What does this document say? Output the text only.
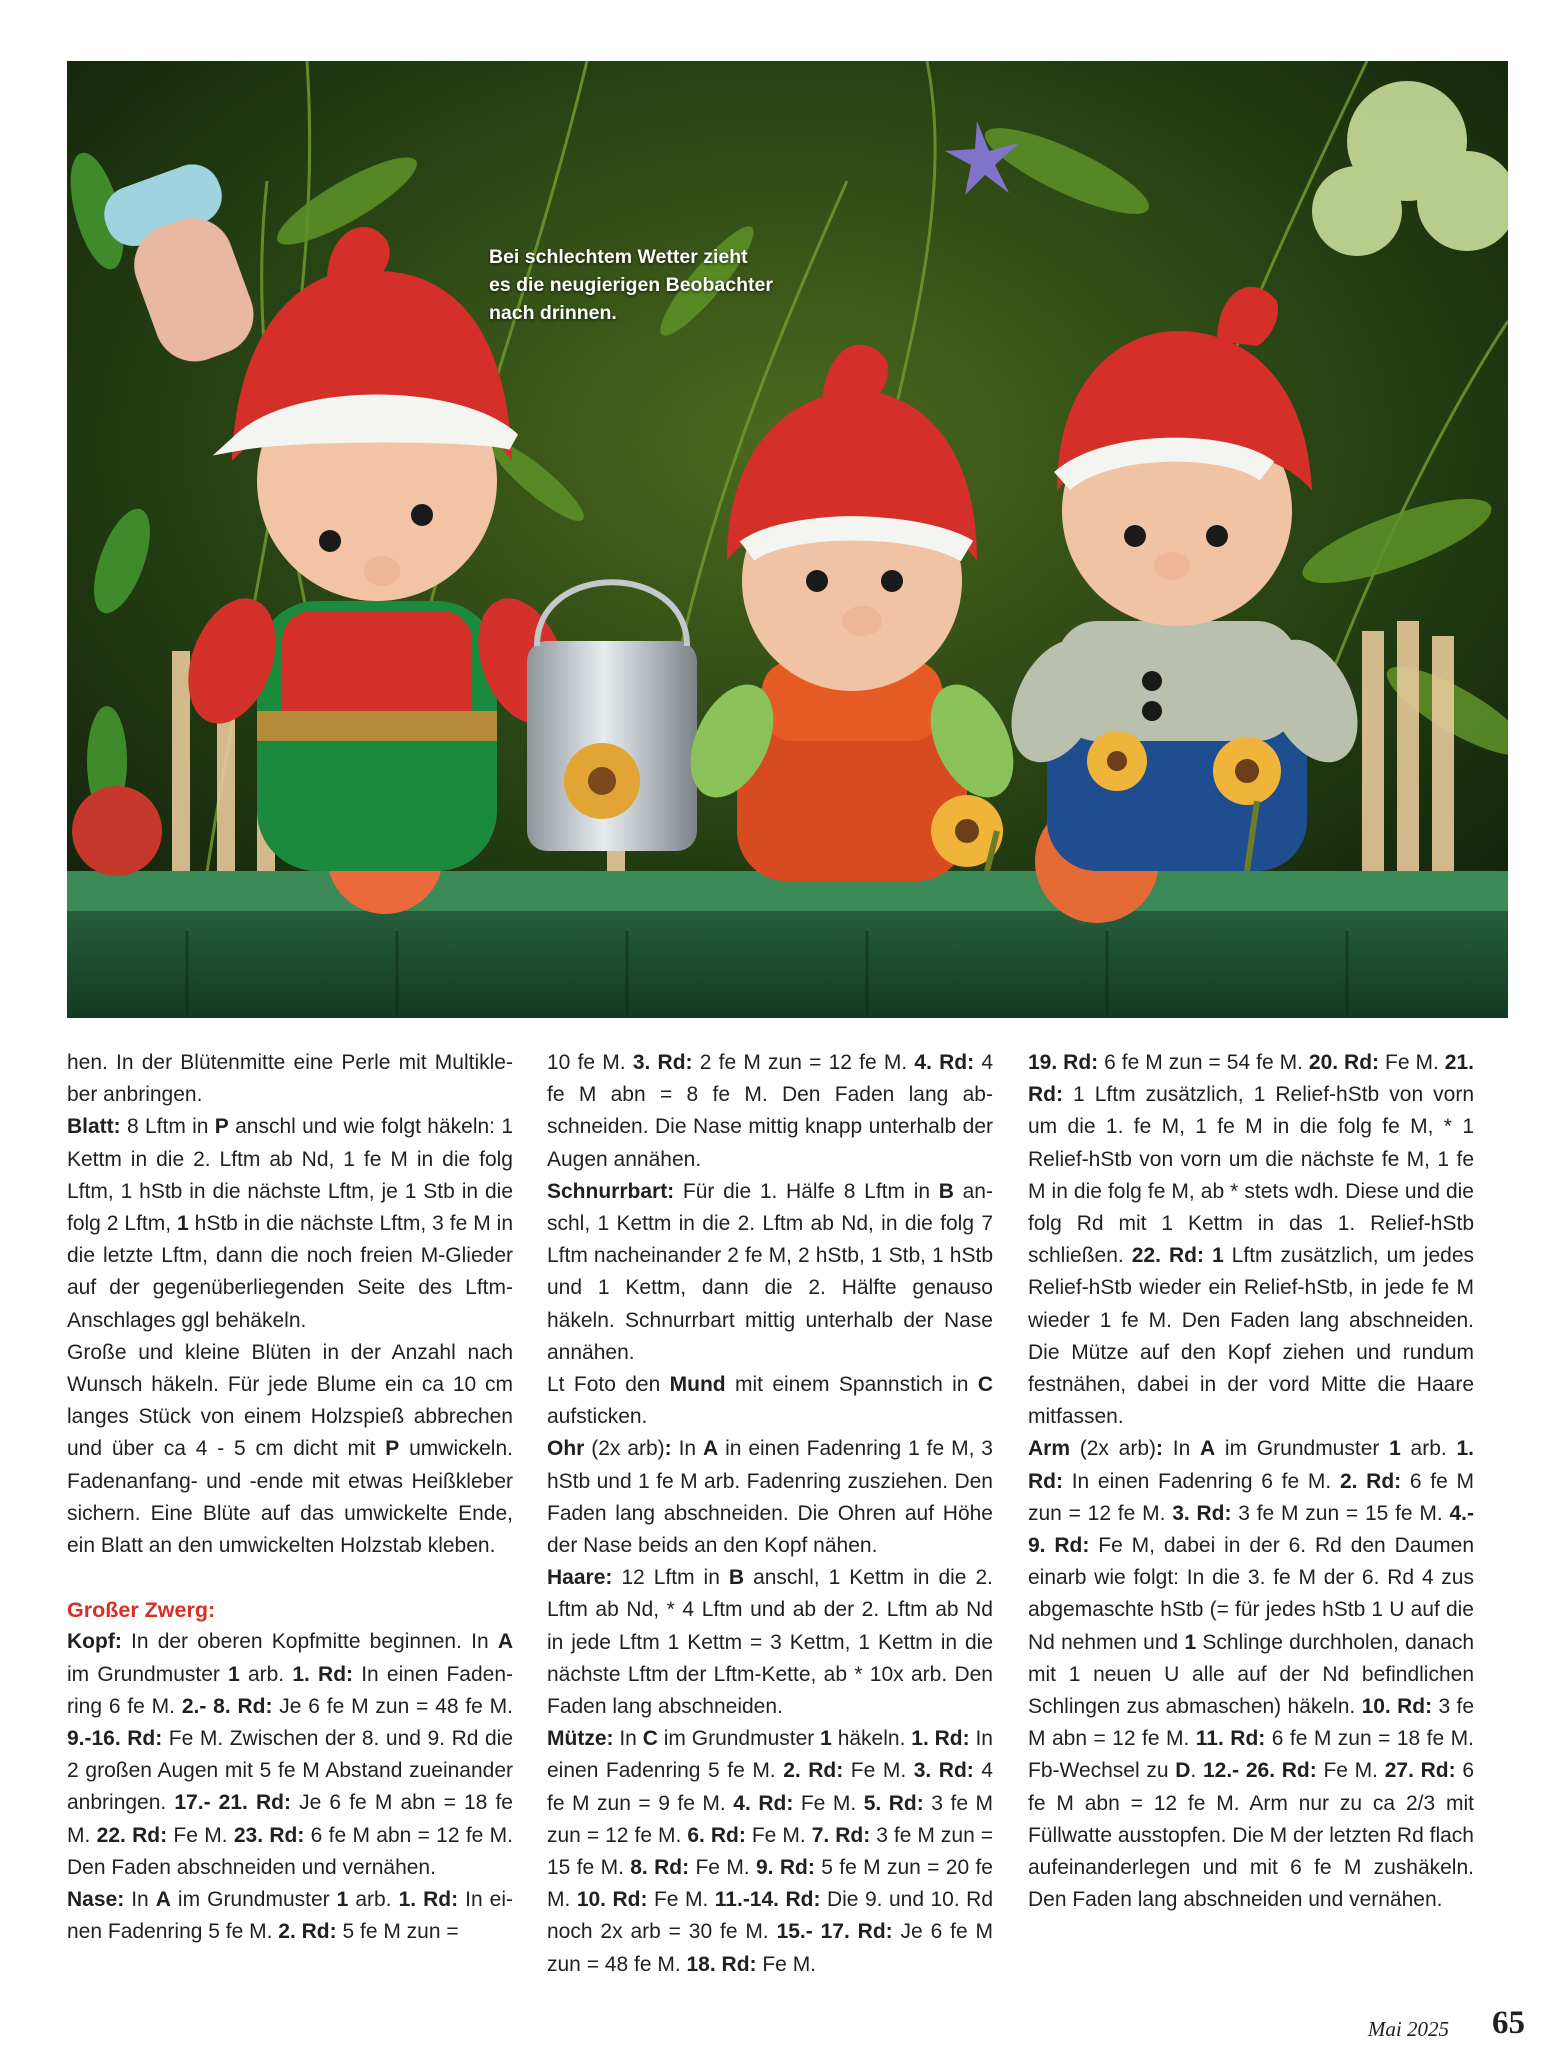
Bei schlechtem Wetter zieht
es die neugierigen Beobachter
nach drinnen.

hen. In der Blütenmitte eine Perle mit Multikleber anbringen.

Blatt: 8 Lftm in P anschl und wie folgt häkeln: 1 Kettm in die 2. Lftm ab Nd, 1 fe M in die folg Lftm, 1 hStb in die nächste Lftm, je 1 Stb in die folg 2 Lftm, 1 hStb in die nächste Lftm, 3 fe M in die letzte Lftm, dann die noch freien M-Glieder auf der gegenüberliegenden Seite des Lftm-Anschlages ggl behäkeln.

Große und kleine Blüten in der Anzahl nach Wunsch häkeln. Für jede Blume ein ca 10 cm langes Stück von einem Holzspieß abbrechen und über ca 4 - 5 cm dicht mit P umwickeln. Fadenanfang- und -ende mit etwas Heißkleber sichern. Eine Blüte auf das umwickelte Ende, ein Blatt an den umwickelten Holzstab kleben.

Großer Zwerg:

Kopf: In der oberen Kopfmitte beginnen. In A im Grundmuster 1 arb. 1. Rd: In einen Fadenring 6 fe M. 2.- 8. Rd: Je 6 fe M zun = 48 fe M. 9.-16. Rd: Fe M. Zwischen der 8. und 9. Rd die 2 großen Augen mit 5 fe M Abstand zueinander anbringen. 17.- 21. Rd: Je 6 fe M abn = 18 fe M. 22. Rd: Fe M. 23. Rd: 6 fe M abn = 12 fe M. Den Faden abschneiden und vernähen.

Nase: In A im Grundmuster 1 arb. 1. Rd: In einen Fadenring 5 fe M. 2. Rd: 5 fe M zun =

10 fe M. 3. Rd: 2 fe M zun = 12 fe M. 4. Rd: 4 fe M abn = 8 fe M. Den Faden lang abschneiden. Die Nase mittig knapp unterhalb der Augen annähen.

Schnurrbart: Für die 1. Hälfe 8 Lftm in B anschl, 1 Kettm in die 2. Lftm ab Nd, in die folg 7 Lftm nacheinander 2 fe M, 2 hStb, 1 Stb, 1 hStb und 1 Kettm, dann die 2. Hälfte genauso häkeln. Schnurrbart mittig unterhalb der Nase annähen.

Lt Foto den Mund mit einem Spannstich in C aufsticken.

Ohr (2x arb): In A in einen Fadenring 1 fe M, 3 hStb und 1 fe M arb. Fadenring zusziehen. Den Faden lang abschneiden. Die Ohren auf Höhe der Nase beids an den Kopf nähen.

Haare: 12 Lftm in B anschl, 1 Kettm in die 2. Lftm ab Nd, * 4 Lftm und ab der 2. Lftm ab Nd in jede Lftm 1 Kettm = 3 Kettm, 1 Kettm in die nächste Lftm der Lftm-Kette, ab * 10x arb. Den Faden lang abschneiden.

Mütze: In C im Grundmuster 1 häkeln. 1. Rd: In einen Fadenring 5 fe M. 2. Rd: Fe M. 3. Rd: 4 fe M zun = 9 fe M. 4. Rd: Fe M. 5. Rd: 3 fe M zun = 12 fe M. 6. Rd: Fe M. 7. Rd: 3 fe M zun = 15 fe M. 8. Rd: Fe M. 9. Rd: 5 fe M zun = 20 fe M. 10. Rd: Fe M. 11.-14. Rd: Die 9. und 10. Rd noch 2x arb = 30 fe M. 15.- 17. Rd: Je 6 fe M zun = 48 fe M. 18. Rd: Fe M.

19. Rd: 6 fe M zun = 54 fe M. 20. Rd: Fe M. 21. Rd: 1 Lftm zusätzlich, 1 Relief-hStb von vorn um die 1. fe M, 1 fe M in die folg fe M, * 1 Relief-hStb von vorn um die nächste fe M, 1 fe M in die folg fe M, ab * stets wdh. Diese und die folg Rd mit 1 Kettm in das 1. Relief-hStb schließen. 22. Rd: 1 Lftm zusätzlich, um jedes Relief-hStb wieder ein Relief-hStb, in jede fe M wieder 1 fe M. Den Faden lang abschneiden. Die Mütze auf den Kopf ziehen und rundum festnähen, dabei in der vord Mitte die Haare mitfassen.

Arm (2x arb): In A im Grundmuster 1 arb. 1. Rd: In einen Fadenring 6 fe M. 2. Rd: 6 fe M zun = 12 fe M. 3. Rd: 3 fe M zun = 15 fe M. 4.- 9. Rd: Fe M, dabei in der 6. Rd den Daumen einarb wie folgt: In die 3. fe M der 6. Rd 4 zus abgemaschte hStb (= für jedes hStb 1 U auf die Nd nehmen und 1 Schlinge durchholen, danach mit 1 neuen U alle auf der Nd befindlichen Schlingen zus abmaschen) häkeln. 10. Rd: 3 fe M abn = 12 fe M. 11. Rd: 6 fe M zun = 18 fe M. Fb-Wechsel zu D. 12.- 26. Rd: Fe M. 27. Rd: 6 fe M abn = 12 fe M. Arm nur zu ca 2/3 mit Füllwatte ausstopfen. Die M der letzten Rd flach aufeinanderlegen und mit 6 fe M zushäkeln. Den Faden lang abschneiden und vernähen.

Mai 2025 65
